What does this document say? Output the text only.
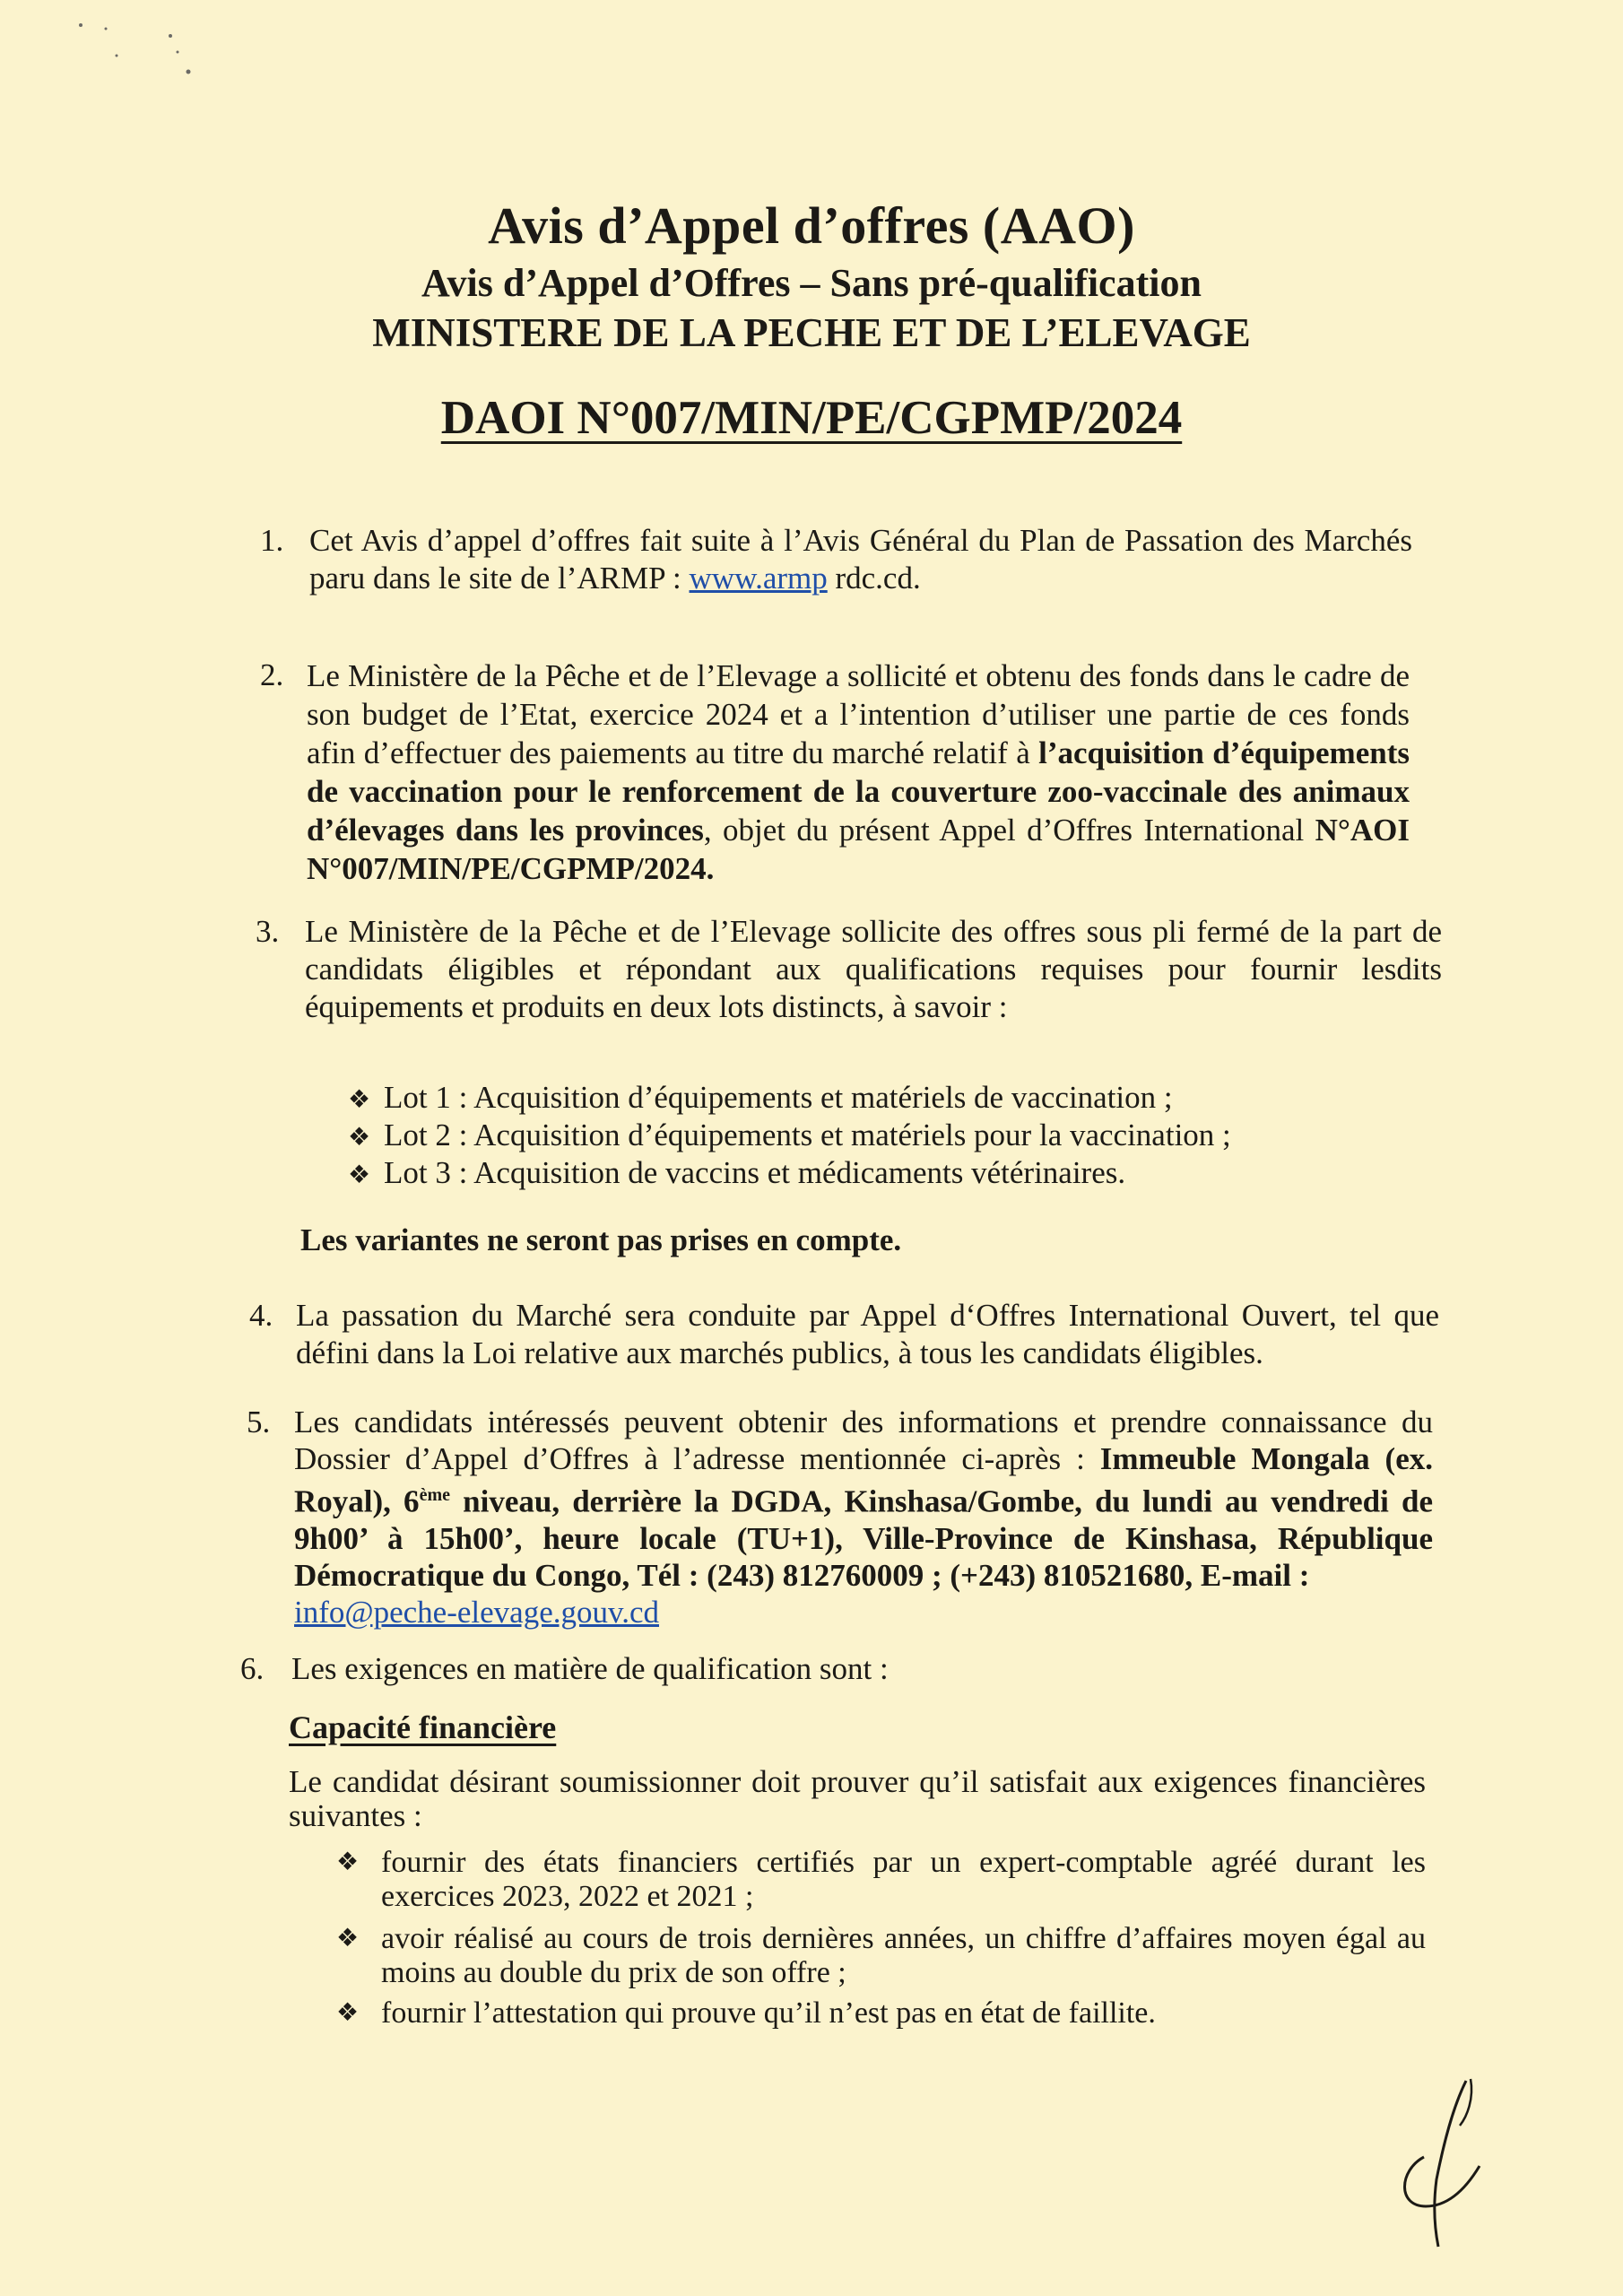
Avis d’Appel d’offres (AAO)
Avis d’Appel d’Offres – Sans pré-qualification
MINISTERE DE LA PECHE ET DE L’ELEVAGE
DAOI N°007/MIN/PE/CGPMP/2024
1. Cet Avis d’appel d’offres fait suite à l’Avis Général du Plan de Passation des Marchés paru dans le site de l’ARMP : www.armp rdc.cd.
2. Le Ministère de la Pêche et de l’Elevage a sollicité et obtenu des fonds dans le cadre de son budget de l’Etat, exercice 2024 et a l’intention d’utiliser une partie de ces fonds afin d’effectuer des paiements au titre du marché relatif à l’acquisition d’équipements de vaccination pour le renforcement de la couverture zoo-vaccinale des animaux d’élevages dans les provinces, objet du présent Appel d’Offres International N°AOI N°007/MIN/PE/CGPMP/2024.
3. Le Ministère de la Pêche et de l’Elevage sollicite des offres sous pli fermé de la part de candidats éligibles et répondant aux qualifications requises pour fournir lesdits équipements et produits en deux lots distincts, à savoir :
❖ Lot 1 : Acquisition d’équipements et matériels de vaccination ;
❖ Lot 2 : Acquisition d’équipements et matériels pour la vaccination ;
❖ Lot 3 : Acquisition de vaccins et médicaments vétérinaires.
Les variantes ne seront pas prises en compte.
4. La passation du Marché sera conduite par Appel d‘Offres International Ouvert, tel que défini dans la Loi relative aux marchés publics, à tous les candidats éligibles.
5. Les candidats intéressés peuvent obtenir des informations et prendre connaissance du Dossier d’Appel d’Offres à l’adresse mentionnée ci-après : Immeuble Mongala (ex. Royal), 6ème niveau, derrière la DGDA, Kinshasa/Gombe, du lundi au vendredi de 9h00’ à 15h00’, heure locale (TU+1), Ville-Province de Kinshasa, République Démocratique du Congo, Tél : (243) 812760009 ; (+243) 810521680, E-mail :
info@peche-elevage.gouv.cd
6. Les exigences en matière de qualification sont :
Capacité financière
Le candidat désirant soumissionner doit prouver qu’il satisfait aux exigences financières suivantes :
❖ fournir des états financiers certifiés par un expert-comptable agréé durant les exercices 2023, 2022 et 2021 ;
❖ avoir réalisé au cours de trois dernières années, un chiffre d’affaires moyen égal au moins au double du prix de son offre ;
❖ fournir l’attestation qui prouve qu’il n’est pas en état de faillite.
